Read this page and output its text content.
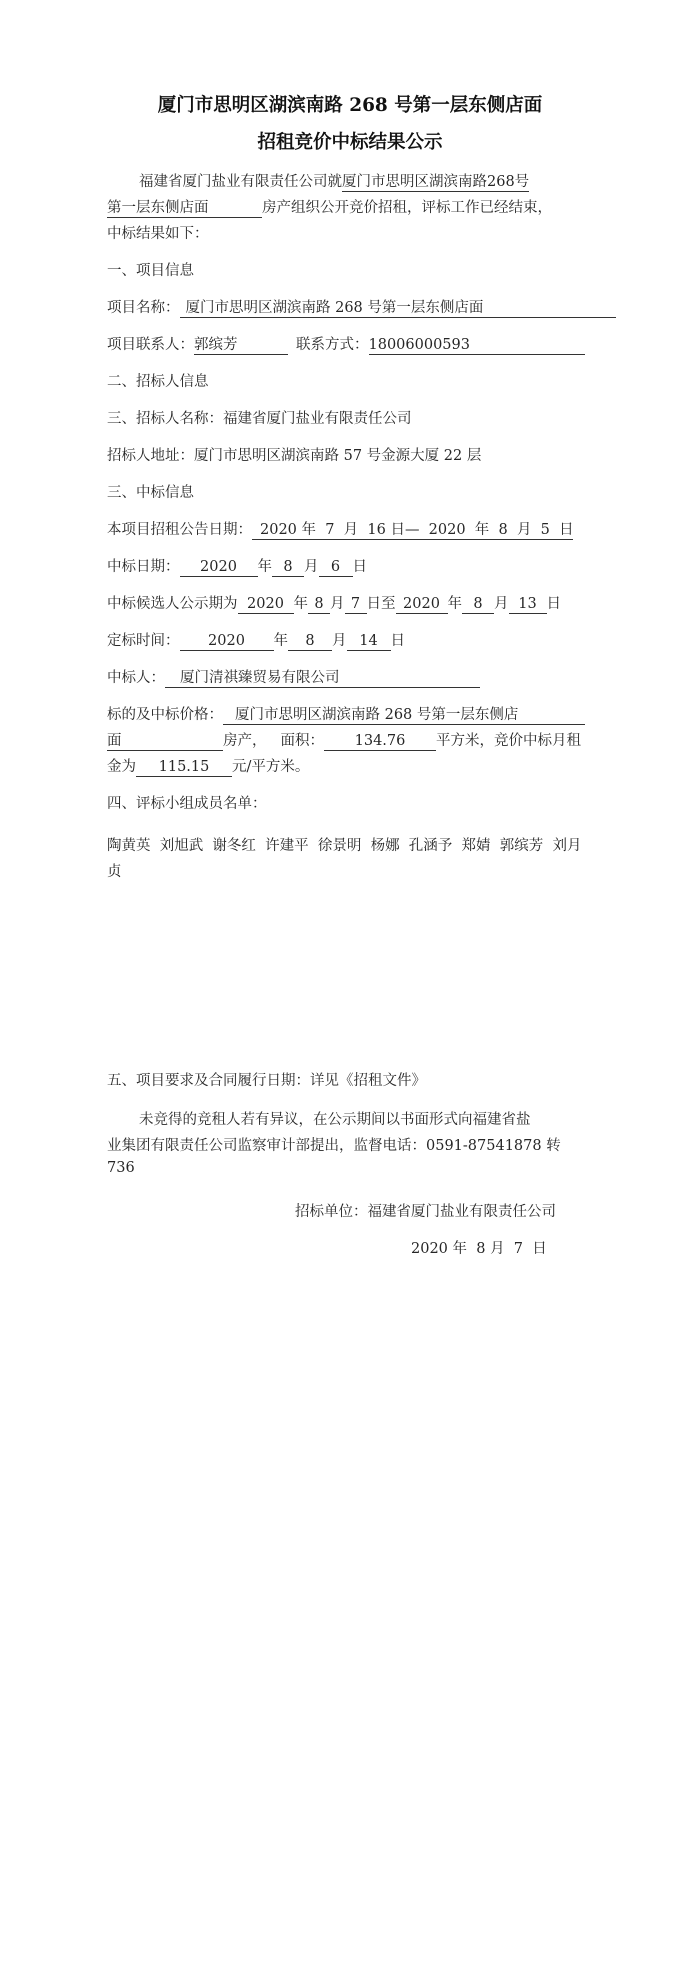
厦门市思明区湖滨南路 268 号第一层东侧店面
招租竞价中标结果公示
福建省厦门盐业有限责任公司就厦门市思明区湖滨南路268号
第一层东侧店面	房产组织公开竞价招租，评标工作已经结束，
中标结果如下：
一、项目信息
项目名称： 厦门市思明区湖滨南路 268 号第一层东侧店面
项目联系人：郭缤芳	联系方式：18006000593
二、招标人信息
三、招标人名称：福建省厦门盐业有限责任公司
招标人地址：厦门市思明区湖滨南路 57 号金源大厦 22 层
三、中标信息
本项目招租公告日期： 2020 年  7  月  16 日—  2020  年  8  月  5  日
中标日期： 2020 年 8 月 6 日
中标候选人公示期为 2020 年 8 月 7 日至 2020 年 8 月 13 日
定标时间： 2020 年 8 月 14 日
中标人： 厦门清祺臻贸易有限公司
标的及中标价格： 厦门市思明区湖滨南路 268 号第一层东侧店
面	房产， 面积： 134.76 平方米，竞价中标月租
金为 115.15 元/平方米。
四、评标小组成员名单：
陶黄英  刘旭武  谢冬红  许建平  徐景明  杨娜  孔涵予  郑婧  郭缤芳  刘月
贞
五、项目要求及合同履行日期：详见《招租文件》
未竞得的竞租人若有异议，在公示期间以书面形式向福建省盐
业集团有限责任公司监察审计部提出，监督电话：0591-87541878 转
736
招标单位：福建省厦门盐业有限责任公司
2020 年  8 月  7  日
